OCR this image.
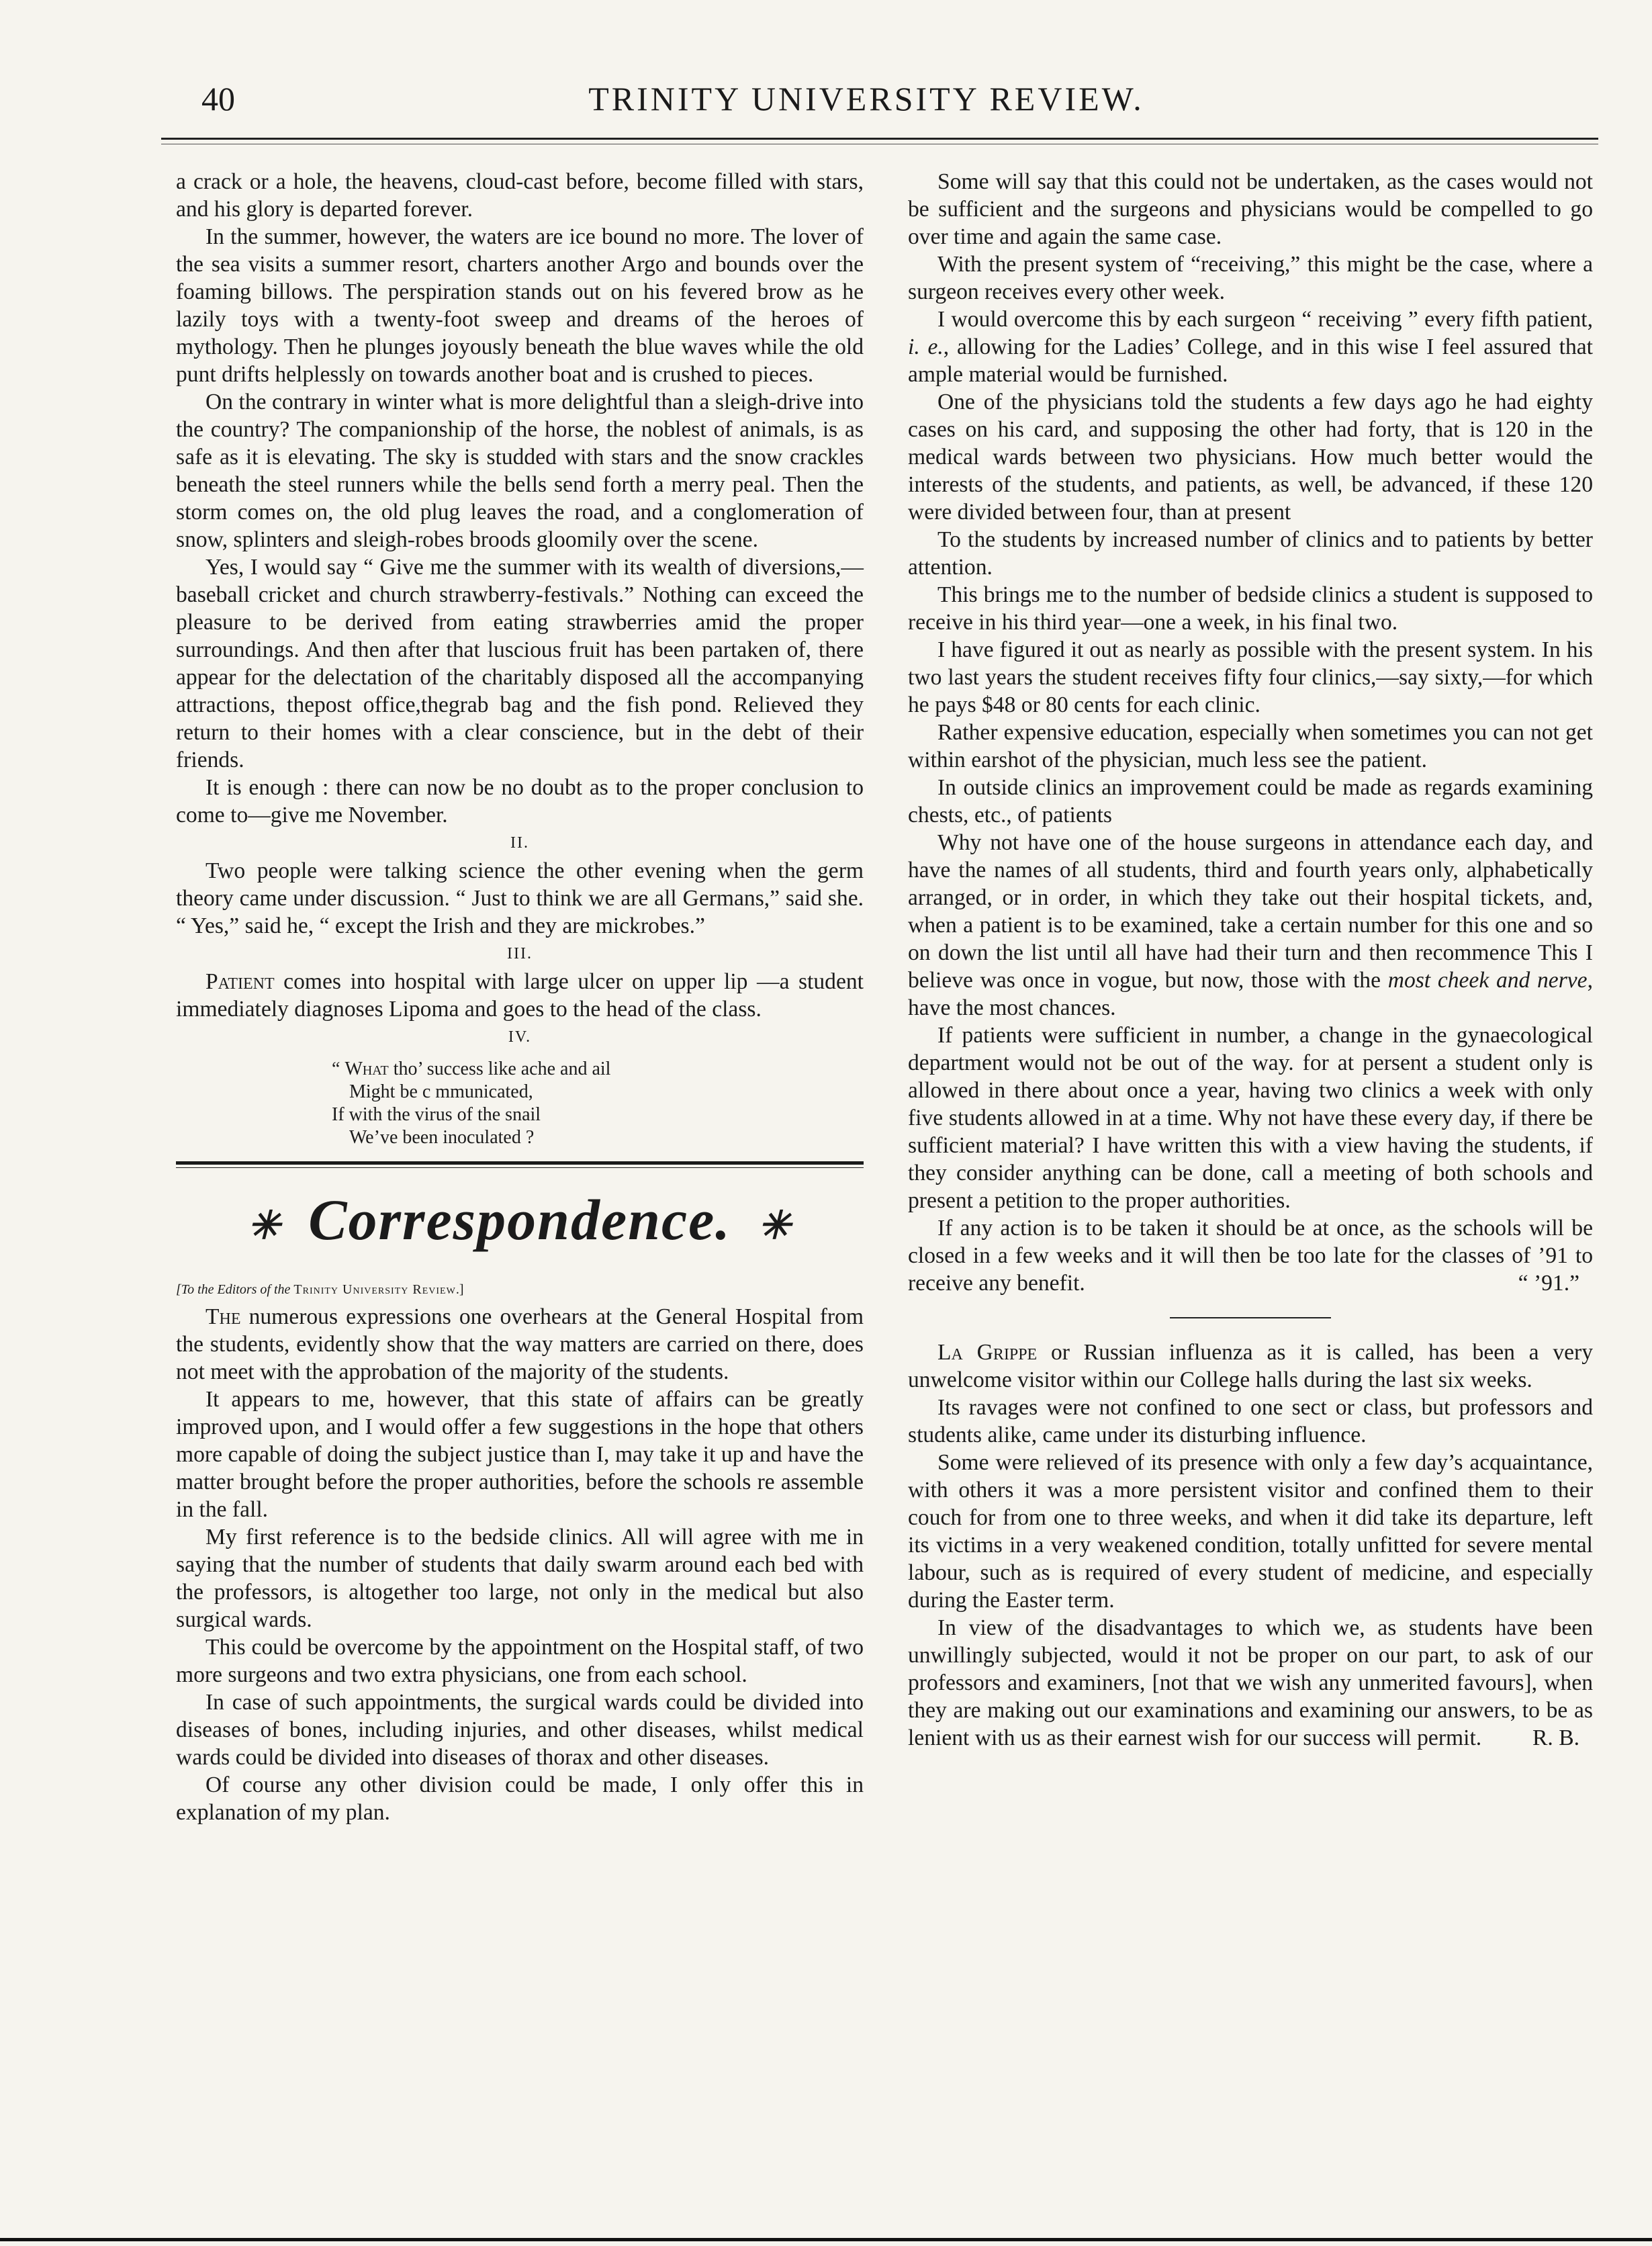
40	TRINITY UNIVERSITY REVIEW.

a crack or a hole, the heavens, cloud-cast before, become filled with stars, and his glory is departed forever.

In the summer, however, the waters are ice bound no more. The lover of the sea visits a summer resort, charters another Argo and bounds over the foaming billows. The perspiration stands out on his fevered brow as he lazily toys with a twenty-foot sweep and dreams of the heroes of mythology. Then he plunges joyously beneath the blue waves while the old punt drifts helplessly on towards another boat and is crushed to pieces.

On the contrary in winter what is more delightful than a sleigh-drive into the country? The companionship of the horse, the noblest of animals, is as safe as it is elevating. The sky is studded with stars and the snow crackles beneath the steel runners while the bells send forth a merry peal. Then the storm comes on, the old plug leaves the road, and a conglomeration of snow, splinters and sleigh-robes broods gloomily over the scene.

Yes, I would say “ Give me the summer with its wealth of diversions,—baseball cricket and church strawberry-festivals.” Nothing can exceed the pleasure to be derived from eating strawberries amid the proper surroundings. And then after that luscious fruit has been partaken of, there appear for the delectation of the charitably disposed all the accompanying attractions, thepost office,thegrab bag and the fish pond. Relieved they return to their homes with a clear conscience, but in the debt of their friends.

It is enough : there can now be no doubt as to the proper conclusion to come to—give me November.

II.

Two people were talking science the other evening when the germ theory came under discussion. “ Just to think we are all Germans,” said she. “ Yes,” said he, “ except the Irish and they are mickrobes.”

III.

Patient comes into hospital with large ulcer on upper lip —a student immediately diagnoses Lipoma and goes to the head of the class.

IV.
“ What tho’ success like ache and ail
Might be c mmunicated,
If with the virus of the snail
We’ve been inoculated ?
✳ Correspondence. ✳

[To the Editors of the Trinity University Review.]

The numerous expressions one overhears at the General Hospital from the students, evidently show that the way matters are carried on there, does not meet with the approbation of the majority of the students.

It appears to me, however, that this state of affairs can be greatly improved upon, and I would offer a few suggestions in the hope that others more capable of doing the subject justice than I, may take it up and have the matter brought before the proper authorities, before the schools re assemble in the fall.

My first reference is to the bedside clinics. All will agree with me in saying that the number of students that daily swarm around each bed with the professors, is altogether too large, not only in the medical but also surgical wards.

This could be overcome by the appointment on the Hospital staff, of two more surgeons and two extra physicians, one from each school.

In case of such appointments, the surgical wards could be divided into diseases of bones, including injuries, and other diseases, whilst medical wards could be divided into diseases of thorax and other diseases.

Of course any other division could be made, I only offer this in explanation of my plan.

Some will say that this could not be undertaken, as the cases would not be sufficient and the surgeons and physicians would be compelled to go over time and again the same case.

With the present system of “receiving,” this might be the case, where a surgeon receives every other week.

I would overcome this by each surgeon “ receiving ” every fifth patient, i. e., allowing for the Ladies’ College, and in this wise I feel assured that ample material would be furnished.

One of the physicians told the students a few days ago he had eighty cases on his card, and supposing the other had forty, that is 120 in the medical wards between two physicians. How much better would the interests of the students, and patients, as well, be advanced, if these 120 were divided between four, than at present

To the students by increased number of clinics and to patients by better attention.

This brings me to the number of bedside clinics a student is supposed to receive in his third year—one a week, in his final two.

I have figured it out as nearly as possible with the present system. In his two last years the student receives fifty four clinics,—say sixty,—for which he pays $48 or 80 cents for each clinic.

Rather expensive education, especially when sometimes you can not get within earshot of the physician, much less see the patient.

In outside clinics an improvement could be made as regards examining chests, etc., of patients

Why not have one of the house surgeons in attendance each day, and have the names of all students, third and fourth years only, alphabetically arranged, or in order, in which they take out their hospital tickets, and, when a patient is to be examined, take a certain number for this one and so on down the list until all have had their turn and then recommence This I believe was once in vogue, but now, those with the most cheek and nerve, have the most chances.

If patients were sufficient in number, a change in the gynaecological department would not be out of the way. for at persent a student only is allowed in there about once a year, having two clinics a week with only five students allowed in at a time. Why not have these every day, if there be sufficient material? I have written this with a view having the students, if they consider anything can be done, call a meeting of both schools and present a petition to the proper authorities.

If any action is to be taken it should be at once, as the schools will be closed in a few weeks and it will then be too late for the classes of ’91 to receive any benefit.	“ ’91.”

La Grippe or Russian influenza as it is called, has been a very unwelcome visitor within our College halls during the last six weeks.

Its ravages were not confined to one sect or class, but professors and students alike, came under its disturbing influence.

Some were relieved of its presence with only a few day’s acquaintance, with others it was a more persistent visitor and confined them to their couch for from one to three weeks, and when it did take its departure, left its victims in a very weakened condition, totally unfitted for severe mental labour, such as is required of every student of medicine, and especially during the Easter term.

In view of the disadvantages to which we, as students have been unwillingly subjected, would it not be proper on our part, to ask of our professors and examiners, [not that we wish any unmerited favours], when they are making out our examinations and examining our answers, to be as lenient with us as their earnest wish for our success will permit.	R. B.
